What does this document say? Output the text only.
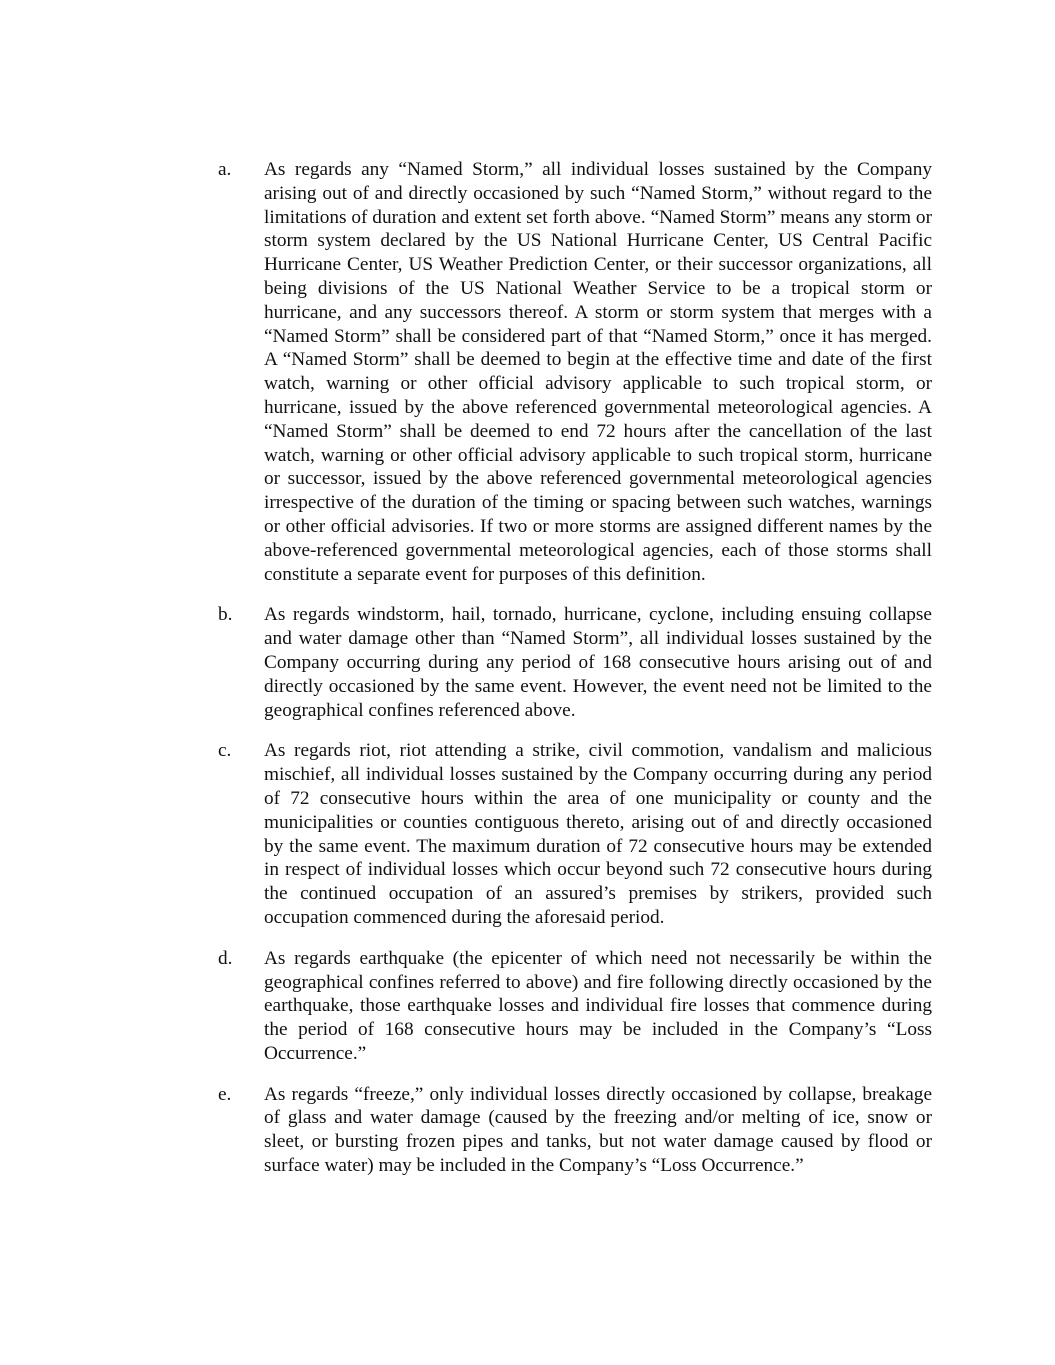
a.	As regards any “Named Storm,” all individual losses sustained by the Company arising out of and directly occasioned by such “Named Storm,” without regard to the limitations of duration and extent set forth above. “Named Storm” means any storm or storm system declared by the US National Hurricane Center, US Central Pacific Hurricane Center, US Weather Prediction Center, or their successor organizations, all being divisions of the US National Weather Service to be a tropical storm or hurricane, and any successors thereof. A storm or storm system that merges with a “Named Storm” shall be considered part of that “Named Storm,” once it has merged. A “Named Storm” shall be deemed to begin at the effective time and date of the first watch, warning or other official advisory applicable to such tropical storm, or hurricane, issued by the above referenced governmental meteorological agencies. A “Named Storm” shall be deemed to end 72 hours after the cancellation of the last watch, warning or other official advisory applicable to such tropical storm, hurricane or successor, issued by the above referenced governmental meteorological agencies irrespective of the duration of the timing or spacing between such watches, warnings or other official advisories. If two or more storms are assigned different names by the above-referenced governmental meteorological agencies, each of those storms shall constitute a separate event for purposes of this definition.

b.	As regards windstorm, hail, tornado, hurricane, cyclone, including ensuing collapse and water damage other than “Named Storm”, all individual losses sustained by the Company occurring during any period of 168 consecutive hours arising out of and directly occasioned by the same event. However, the event need not be limited to the geographical confines referenced above.

c.	As regards riot, riot attending a strike, civil commotion, vandalism and malicious mischief, all individual losses sustained by the Company occurring during any period of 72 consecutive hours within the area of one municipality or county and the municipalities or counties contiguous thereto, arising out of and directly occasioned by the same event. The maximum duration of 72 consecutive hours may be extended in respect of individual losses which occur beyond such 72 consecutive hours during the continued occupation of an assured’s premises by strikers, provided such occupation commenced during the aforesaid period.

d.	As regards earthquake (the epicenter of which need not necessarily be within the geographical confines referred to above) and fire following directly occasioned by the earthquake, those earthquake losses and individual fire losses that commence during the period of 168 consecutive hours may be included in the Company’s “Loss Occurrence.”

e.	As regards “freeze,” only individual losses directly occasioned by collapse, breakage of glass and water damage (caused by the freezing and/or melting of ice, snow or sleet, or bursting frozen pipes and tanks, but not water damage caused by flood or surface water) may be included in the Company’s “Loss Occurrence.”
